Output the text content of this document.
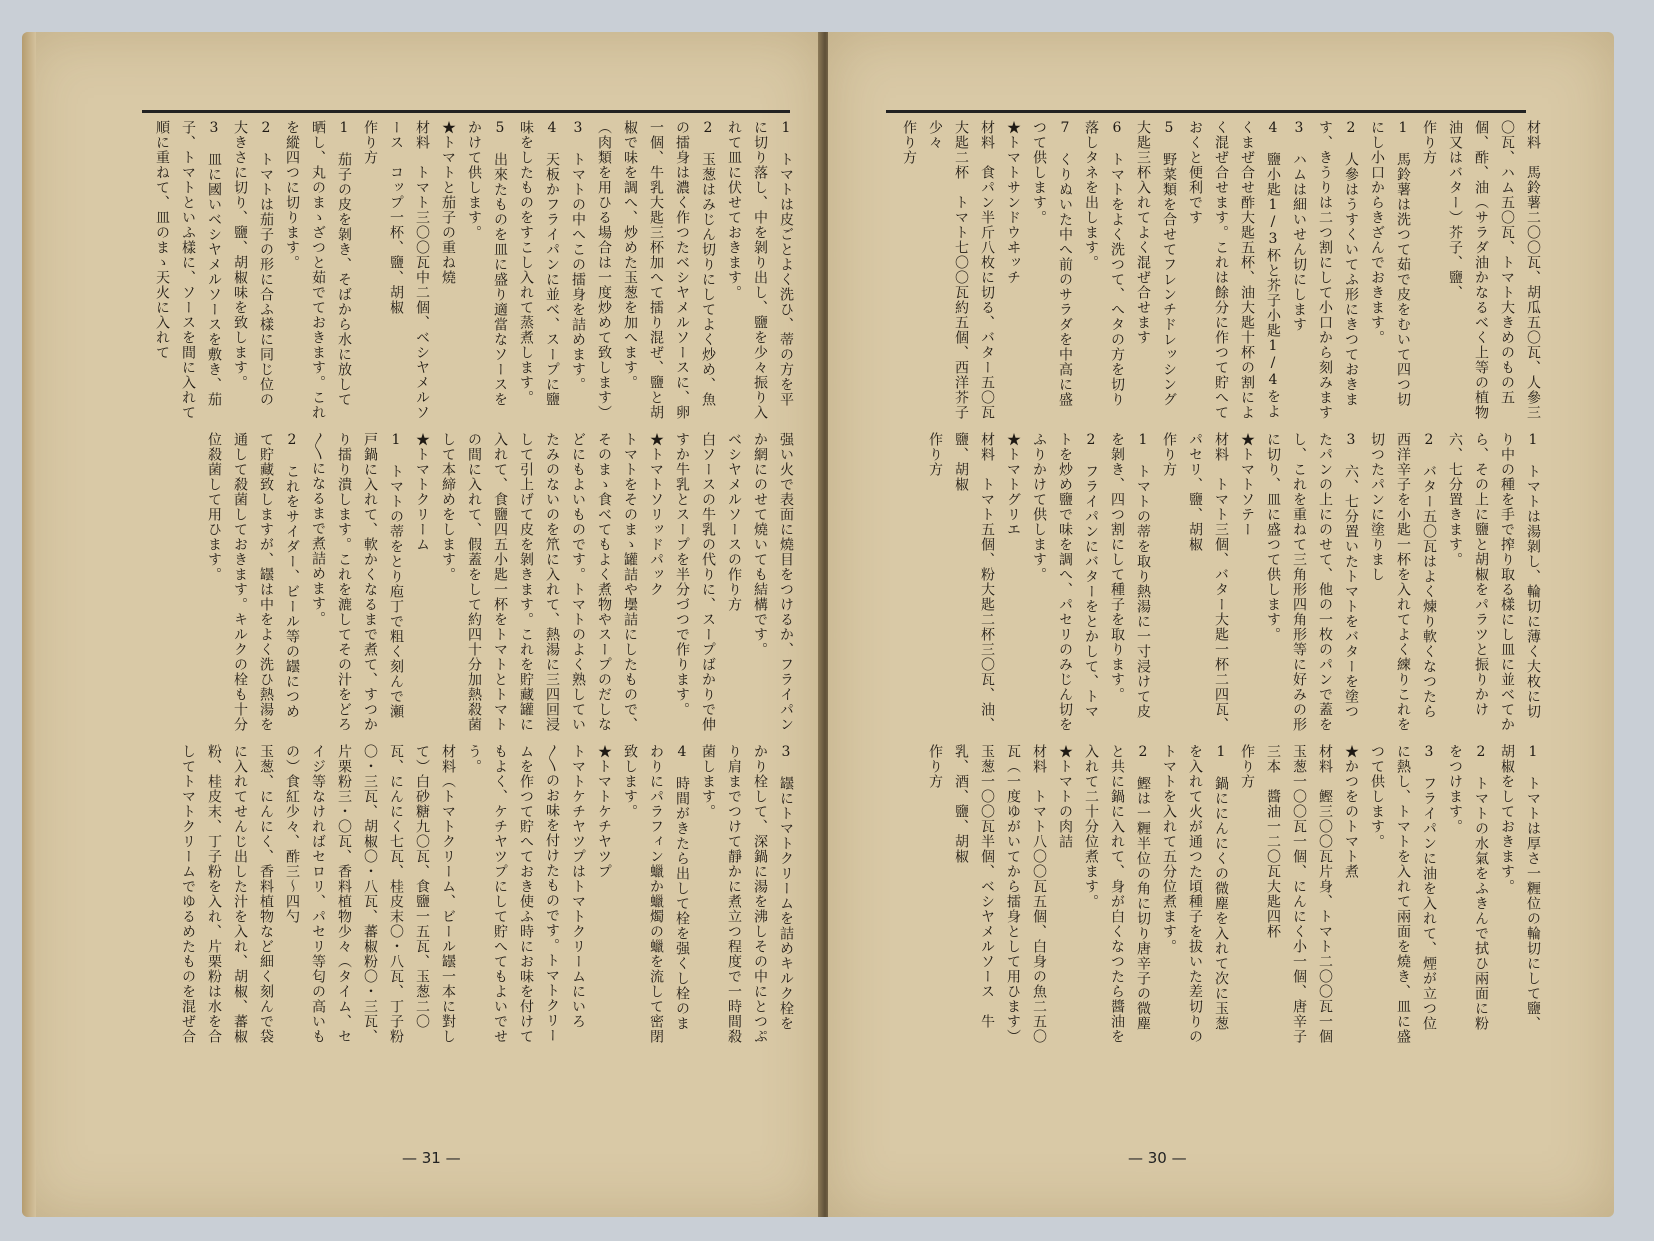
1　トマトは皮ごとよく洗ひ、蒂の方を平に切り落し、中を剝り出し、鹽を少々振り入れて皿に伏せておきます。
2　玉葱はみじん切りにしてよく炒め、魚の擂身は濃く作つたベシヤメルソースに、卵一個、牛乳大匙三杯加へて擂り混ぜ、鹽と胡椒で味を調へ、炒めた玉葱を加へます。
（肉類を用ひる場合は一度炒めて致します）
3　トマトの中へこの擂身を詰めます。
4　天板かフライパンに並べ、スープに鹽味をしたものをすこし入れて蒸煮します。
5　出來たものを皿に盛り適當なソースをかけて供します。
★トマトと茄子の重ね燒
材料　トマト三〇〇瓦中二個、ベシヤメルソース　コップ一杯、鹽、胡椒
作り方
1　茄子の皮を剝き、そばから水に放して晒し、丸のまゝざつと茹でておきます。これを縱四つに切ります。
2　トマトは茄子の形に合ふ樣に同じ位の大きさに切り、鹽、胡椒味を致します。
3　皿に國いベシヤメルソースを敷き、茄子、トマトといふ樣に、ソースを間に入れて順に重ねて、皿のまゝ天火に入れて
强い火で表面に燒目をつけるか、フライパンか網にのせて燒いても結構です。
ベシヤメルソースの作り方
白ソースの牛乳の代りに、スープばかりで伸すか牛乳とスープを半分づつで作ります。
★トマトソリッドパック
トマトをそのまゝ罐詰や壜詰にしたもので、そのまゝ食べてもよく煮物やスープのだしなどにもよいものです。トマトのよく熟していたみのないのを笊に入れて、熱湯に三四回浸して引上げて皮を剝きます。これを貯藏罐に入れて、食鹽四五小匙一杯をトマトとトマトの間に入れて、假蓋をして約四十分加熱殺菌して本締めをします。
★トマトクリーム
1　トマトの蒂をとり庖丁で粗く刻んで瀬戸鍋に入れて、軟かくなるまで煮て、すつかり擂り潰します。これを漉してその汁をどろ〳〵になるまで煮詰めます。
2　これをサイダー、ビール等の罎につめて貯藏致しますが、罎は中をよく洗ひ熱湯を通して殺菌しておきます。キルクの栓も十分位殺菌して用ひます。
3　罎にトマトクリームを詰めキルク栓をかり栓して、深鍋に湯を沸しその中にとつぷり肩までつけて靜かに煮立つ程度で一時間殺菌します。
4　時間がきたら出して栓を强くし栓のまわりにパラフィン蠟か蠟燭の蠟を流して密閉致します。
★トマトケチヤツプ
トマトケチヤツプはトマトクリームにいろ〳〵のお味を付けたものです。トマトクリームを作つて貯へておき使ふ時にお味を付けてもよく、ケチヤツプにして貯へてもよいでせう。
材料（トマトクリーム、ビール罎一本に對して）白砂糖九〇瓦、食鹽一五瓦、玉葱二〇瓦、にんにく七瓦、桂皮末〇・八瓦、丁子粉〇・三瓦、胡椒〇・八瓦、蕃椒粉〇・三瓦、片栗粉三・〇瓦、香料植物少々（タイム、セイジ等なければセロリ、パセリ等匂の高いもの）食紅少々、酢三〜四勺
玉葱、にんにく、香料植物など細く刻んで袋に入れてせんじ出した汁を入れ、胡椒、蕃椒粉、桂皮末、丁子粉を入れ、片栗粉は水を合してトマトクリームでゆるめたものを混ぜ合
— 31 —
材料　馬鈴薯二〇〇瓦、胡瓜五〇瓦、人參三〇瓦、ハム五〇瓦、トマト大きめのもの五個、酢、油（サラダ油かなるべく上等の植物油又はバター）芥子、鹽、
作り方
1　馬鈴薯は洗つて茹で皮をむいて四つ切にし小口からきざんでおきます。
2　人參はうすくいてふ形にきつておきます、きうりは二つ割にして小口から刻みます
3　ハムは細いせん切にします
4　鹽小匙1/3杯と芥子小匙1/4をよくまぜ合せ酢大匙五杯、油大匙十杯の割によく混ぜ合せます。これは餘分に作つて貯へておくと便利です
5　野菜類を合せてフレンチドレッシング大匙三杯入れてよく混ぜ合せます
6　トマトをよく洗つて、へタの方を切り落しタネを出します。
7　くりぬいた中へ前のサラダを中高に盛つて供します。
★トマトサンドウヰッチ
材料　食パン半斤八枚に切る、バター五〇瓦　大匙二杯　トマト七〇〇瓦約五個、西洋芥子少々
作り方
1　トマトは湯剝し、輪切に薄く大枚に切り中の種を手で搾り取る樣にし皿に並べてから、その上に鹽と胡椒をパラツと振りかけ六、七分置きます。
2　バター五〇瓦はよく煉り軟くなつたら西洋辛子を小匙一杯を入れてよく練りこれを切つたパンに塗りまし
3　六、七分置いたトマトをバターを塗つたパンの上にのせて、他の一枚のパンで蓋をし、これを重ねて三角形四角形等に好みの形に切り、皿に盛つて供します。
★トマトソテー
材料　トマト三個、バター大匙一杯二四瓦、パセリ、鹽、胡椒
作り方
1　トマトの蒂を取り熱湯に一寸浸けて皮を剝き、四つ割にして種子を取ります。
2　フライパンにバターをとかして、トマトを炒め鹽で味を調へ、パセリのみじん切をふりかけて供します。
★トマトグリエ
材料　トマト五個、粉大匙二杯三〇瓦、油、鹽、胡椒
作り方
1　トマトは厚さ一糎位の輪切にして鹽、胡椒をしておきます。
2　トマトの水氣をふきんで拭ひ兩面に粉をつけます。
3　フライパンに油を入れて、煙が立つ位に熱し、トマトを入れて兩面を燒き、皿に盛つて供します。
★かつをのトマト煮
材料　鰹三〇〇瓦片身、トマト二〇〇瓦一個　玉葱一〇〇瓦一個、にんにく小一個、唐辛子三本　醬油一二〇瓦大匙四杯
作り方
1　鍋ににんにくの微塵を入れて次に玉葱を入れて火が通つた頃種子を拔いた差切りのトマトを入れて五分位煮ます。
2　鰹は一糎半位の角に切り唐辛子の微塵と共に鍋に入れて、身が白くなつたら醬油を入れて二十分位煮ます。
★トマトの肉詰
材料　トマト八〇〇瓦五個、白身の魚二五〇瓦（一度ゆがいてから擂身として用ひます）玉葱一〇〇瓦半個、ベシヤメルソース　牛乳、酒、鹽、胡椒
作り方
— 30 —
